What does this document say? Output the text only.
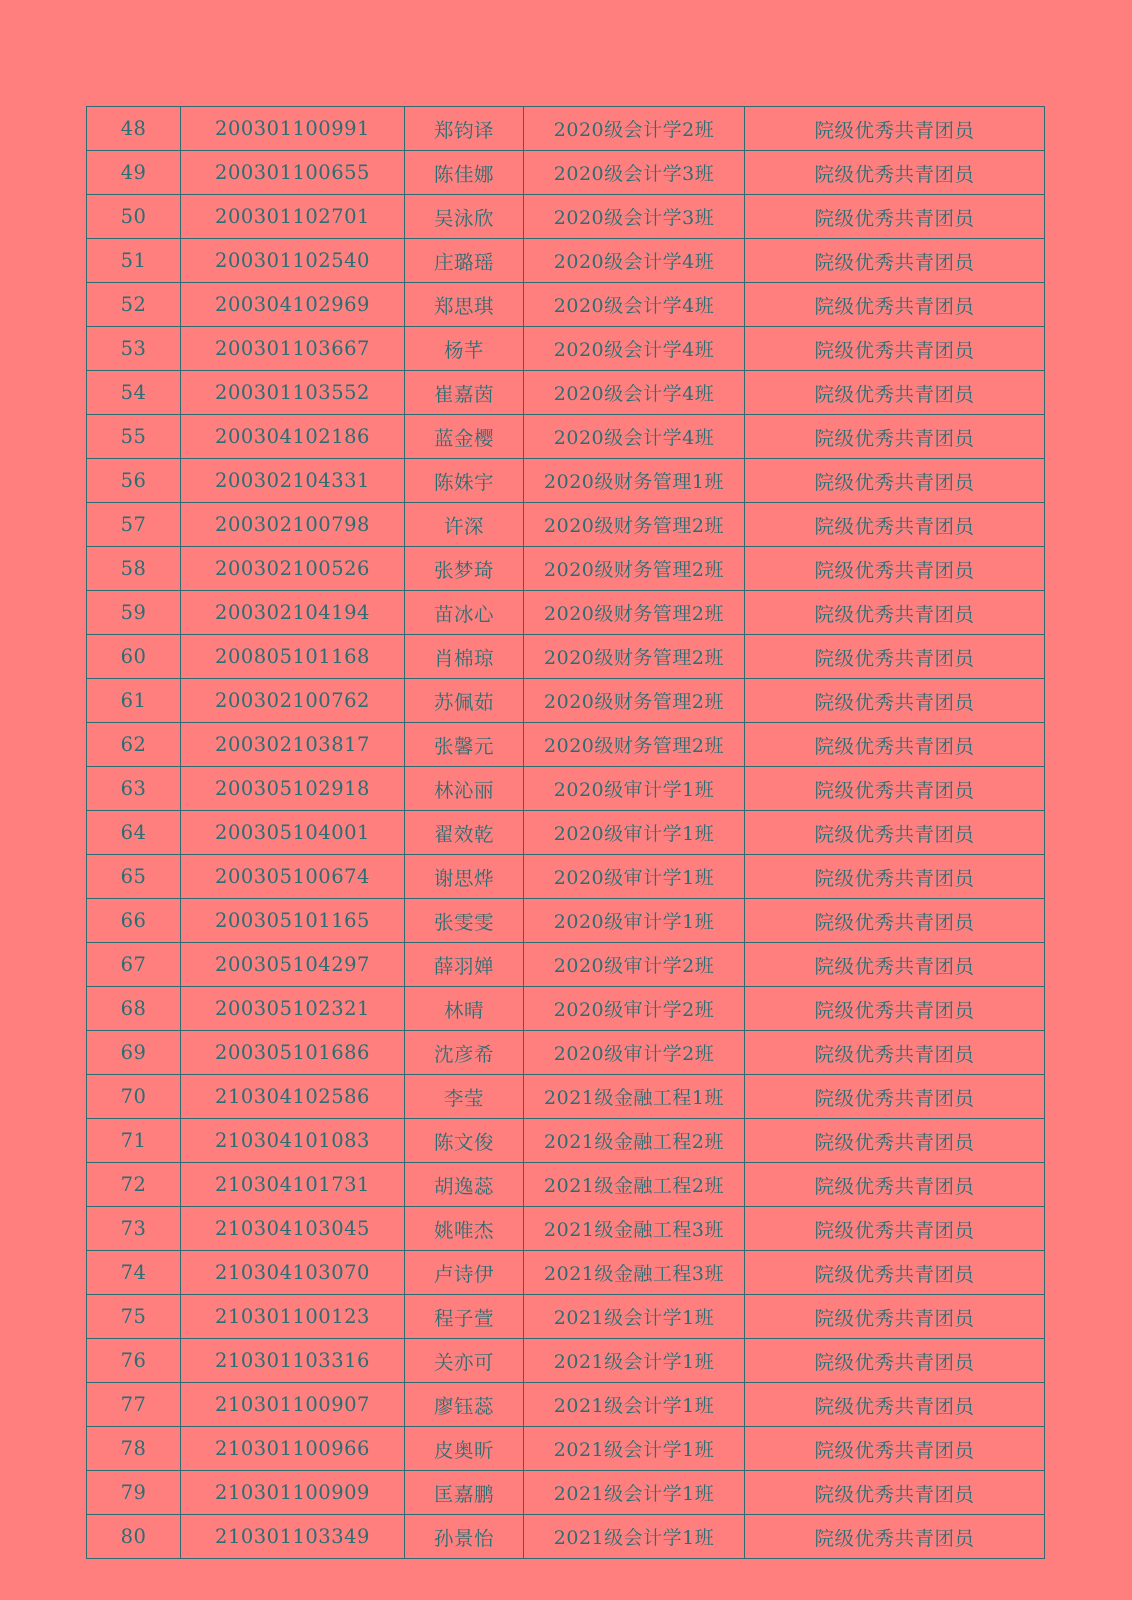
48	200301100991	郑钧译	2020级会计学2班	院级优秀共青团员
49	200301100655	陈佳娜	2020级会计学3班	院级优秀共青团员
50	200301102701	吴泳欣	2020级会计学3班	院级优秀共青团员
51	200301102540	庄璐瑶	2020级会计学4班	院级优秀共青团员
52	200304102969	郑思琪	2020级会计学4班	院级优秀共青团员
53	200301103667	杨芊	2020级会计学4班	院级优秀共青团员
54	200301103552	崔嘉茵	2020级会计学4班	院级优秀共青团员
55	200304102186	蓝金樱	2020级会计学4班	院级优秀共青团员
56	200302104331	陈姝宇	2020级财务管理1班	院级优秀共青团员
57	200302100798	许深	2020级财务管理2班	院级优秀共青团员
58	200302100526	张梦琦	2020级财务管理2班	院级优秀共青团员
59	200302104194	苗冰心	2020级财务管理2班	院级优秀共青团员
60	200805101168	肖棉琼	2020级财务管理2班	院级优秀共青团员
61	200302100762	苏佩茹	2020级财务管理2班	院级优秀共青团员
62	200302103817	张馨元	2020级财务管理2班	院级优秀共青团员
63	200305102918	林沁丽	2020级审计学1班	院级优秀共青团员
64	200305104001	翟效乾	2020级审计学1班	院级优秀共青团员
65	200305100674	谢思烨	2020级审计学1班	院级优秀共青团员
66	200305101165	张雯雯	2020级审计学1班	院级优秀共青团员
67	200305104297	薛羽婵	2020级审计学2班	院级优秀共青团员
68	200305102321	林晴	2020级审计学2班	院级优秀共青团员
69	200305101686	沈彦希	2020级审计学2班	院级优秀共青团员
70	210304102586	李莹	2021级金融工程1班	院级优秀共青团员
71	210304101083	陈文俊	2021级金融工程2班	院级优秀共青团员
72	210304101731	胡逸蕊	2021级金融工程2班	院级优秀共青团员
73	210304103045	姚唯杰	2021级金融工程3班	院级优秀共青团员
74	210304103070	卢诗伊	2021级金融工程3班	院级优秀共青团员
75	210301100123	程子萱	2021级会计学1班	院级优秀共青团员
76	210301103316	关亦可	2021级会计学1班	院级优秀共青团员
77	210301100907	廖钰蕊	2021级会计学1班	院级优秀共青团员
78	210301100966	皮奥昕	2021级会计学1班	院级优秀共青团员
79	210301100909	匡嘉鹏	2021级会计学1班	院级优秀共青团员
80	210301103349	孙景怡	2021级会计学1班	院级优秀共青团员
